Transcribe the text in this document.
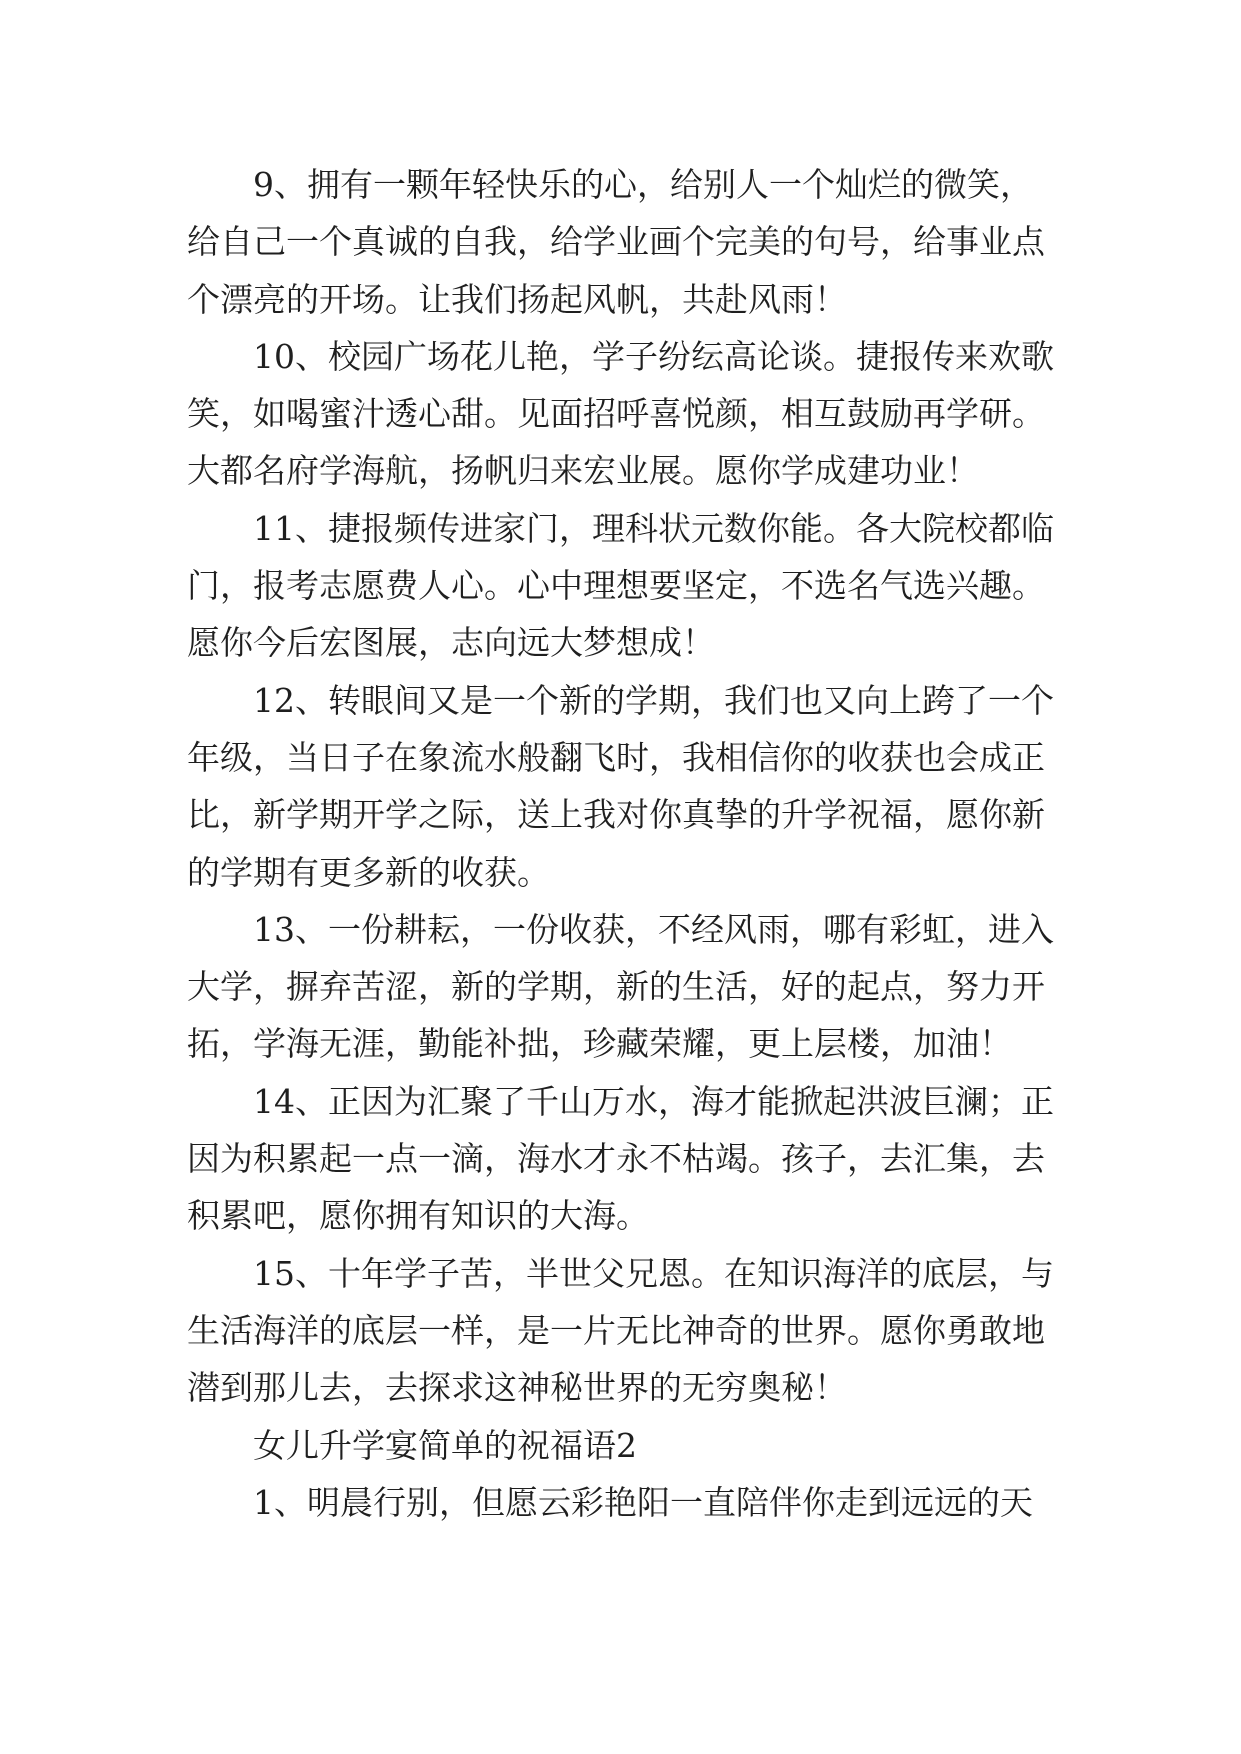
9、拥有一颗年轻快乐的心，给别人一个灿烂的微笑，
给自己一个真诚的自我，给学业画个完美的句号，给事业点
个漂亮的开场。让我们扬起风帆，共赴风雨！
10、校园广场花儿艳，学子纷纭高论谈。捷报传来欢歌
笑，如喝蜜汁透心甜。见面招呼喜悦颜，相互鼓励再学研。
大都名府学海航，扬帆归来宏业展。愿你学成建功业！
11、捷报频传进家门，理科状元数你能。各大院校都临
门，报考志愿费人心。心中理想要坚定，不选名气选兴趣。
愿你今后宏图展，志向远大梦想成！
12、转眼间又是一个新的学期，我们也又向上跨了一个
年级，当日子在象流水般翻飞时，我相信你的收获也会成正
比，新学期开学之际，送上我对你真挚的升学祝福，愿你新
的学期有更多新的收获。
13、一份耕耘，一份收获，不经风雨，哪有彩虹，进入
大学，摒弃苦涩，新的学期，新的生活，好的起点，努力开
拓，学海无涯，勤能补拙，珍藏荣耀，更上层楼，加油！
14、正因为汇聚了千山万水，海才能掀起洪波巨澜；正
因为积累起一点一滴，海水才永不枯竭。孩子，去汇集，去
积累吧，愿你拥有知识的大海。
15、十年学子苦，半世父兄恩。在知识海洋的底层，与
生活海洋的底层一样，是一片无比神奇的世界。愿你勇敢地
潜到那儿去，去探求这神秘世界的无穷奥秘！
女儿升学宴简单的祝福语2
1、明晨行别，但愿云彩艳阳一直陪伴你走到远远的天
